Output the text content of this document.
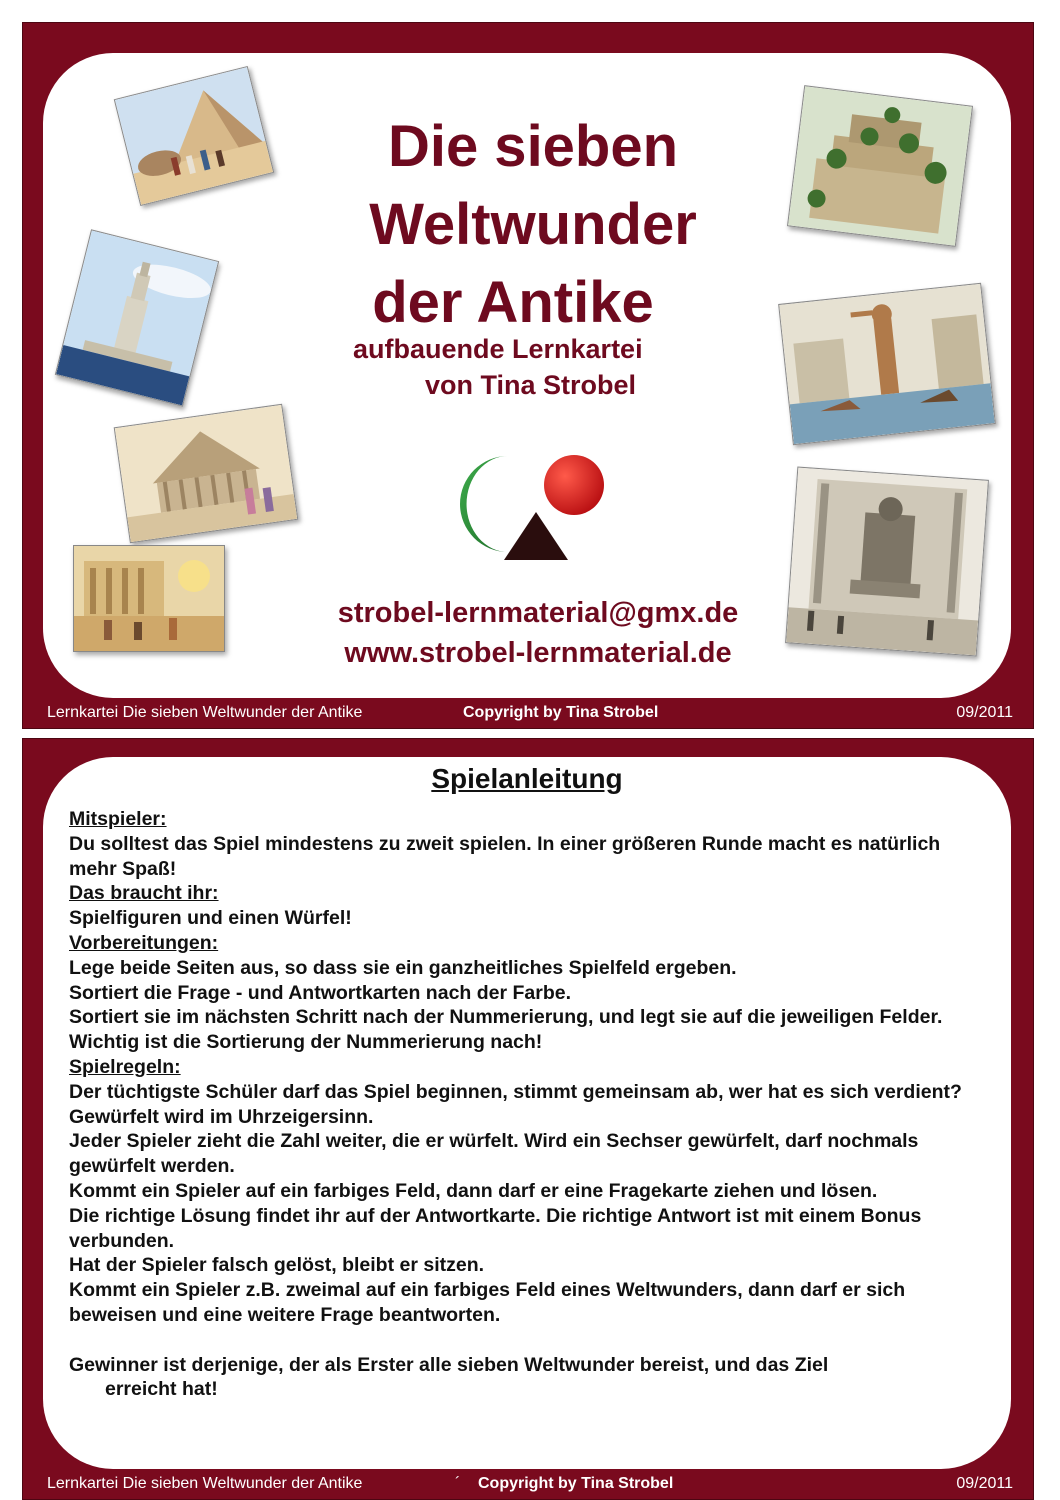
Die sieben
Weltwunder
der Antike
aufbauende Lernkartei
von Tina Strobel
strobel-lernmaterial@gmx.de
www.strobel-lernmaterial.de
Lernkartei Die sieben Weltwunder der Antike	Copyright by Tina Strobel	09/2011
Spielanleitung

Mitspieler:

Du solltest das Spiel mindestens zu zweit spielen. In einer größeren Runde macht es natürlich mehr Spaß!

Das braucht ihr:

Spielfiguren und einen Würfel!

Vorbereitungen:

Lege beide Seiten aus, so dass sie ein ganzheitliches Spielfeld ergeben.

Sortiert die Frage - und Antwortkarten nach der Farbe.

Sortiert sie im nächsten Schritt nach der Nummerierung, und legt sie auf die jeweiligen Felder.

Wichtig ist die Sortierung der Nummerierung nach!

Spielregeln:

Der tüchtigste Schüler darf das Spiel beginnen, stimmt gemeinsam ab, wer hat es sich verdient?

Gewürfelt wird im Uhrzeigersinn.

Jeder Spieler zieht die Zahl weiter, die er würfelt. Wird ein Sechser gewürfelt, darf nochmals gewürfelt werden.

Kommt ein Spieler auf ein farbiges Feld, dann darf er eine Fragekarte ziehen und lösen.

Die richtige Lösung findet ihr auf der Antwortkarte. Die richtige Antwort ist mit einem Bonus verbunden.

Hat der Spieler falsch gelöst, bleibt er sitzen.

Kommt ein Spieler z.B. zweimal auf ein farbiges Feld eines Weltwunders, dann darf er sich beweisen und eine weitere Frage beantworten.

Gewinner ist derjenige, der als Erster alle sieben Weltwunder bereist, und das Ziel

erreicht hat!

Lernkartei Die sieben Weltwunder der Antike	´ Copyright by Tina Strobel	09/2011
